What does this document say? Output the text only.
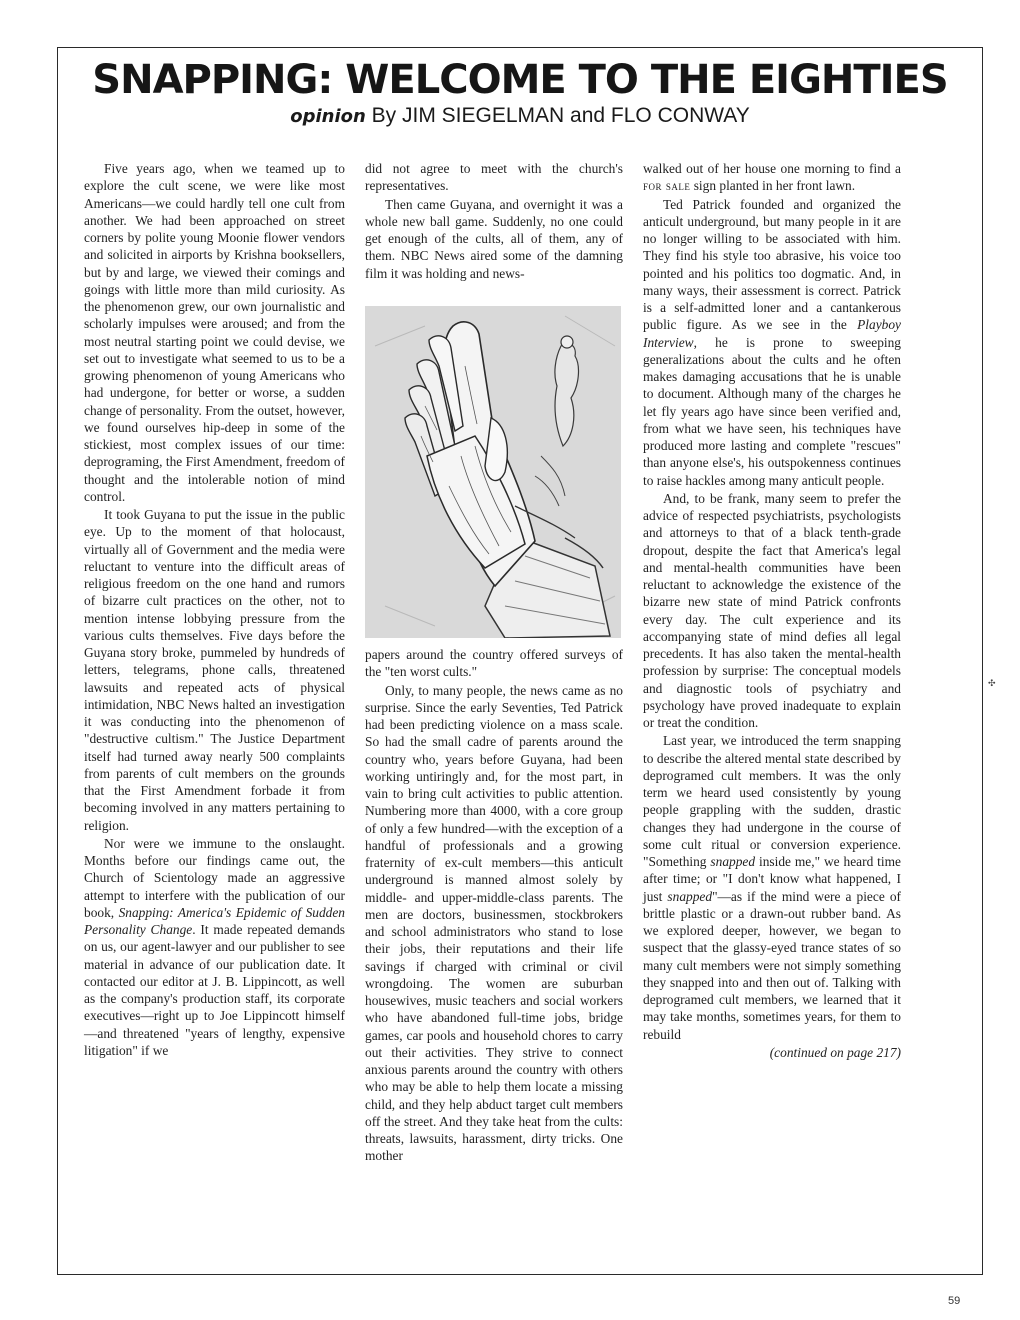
SNAPPING: WELCOME TO THE EIGHTIES
opinion By JIM SIEGELMAN and FLO CONWAY

Five years ago, when we teamed up to explore the cult scene, we were like most Americans—we could hardly tell one cult from another. We had been approached on street corners by polite young Moonie flower vendors and solicited in airports by Krishna booksellers, but by and large, we viewed their comings and goings with little more than mild curiosity. As the phenomenon grew, our own journalistic and scholarly impulses were aroused; and from the most neutral starting point we could devise, we set out to investigate what seemed to us to be a growing phenomenon of young Americans who had undergone, for better or worse, a sudden change of personality. From the outset, however, we found ourselves hip-deep in some of the stickiest, most complex issues of our time: deprograming, the First Amendment, freedom of thought and the intolerable notion of mind control.

It took Guyana to put the issue in the public eye. Up to the moment of that holocaust, virtually all of Government and the media were reluctant to venture into the difficult areas of religious freedom on the one hand and rumors of bizarre cult practices on the other, not to mention intense lobbying pressure from the various cults themselves. Five days before the Guyana story broke, pummeled by hundreds of letters, telegrams, phone calls, threatened lawsuits and repeated acts of physical intimidation, NBC News halted an investigation it was conducting into the phenomenon of "destructive cultism." The Justice Department itself had turned away nearly 500 complaints from parents of cult members on the grounds that the First Amendment forbade it from becoming involved in any matters pertaining to religion.

Nor were we immune to the onslaught. Months before our findings came out, the Church of Scientology made an aggressive attempt to interfere with the publication of our book, Snapping: America's Epidemic of Sudden Personality Change. It made repeated demands on us, our agent-lawyer and our publisher to see material in advance of our publication date. It contacted our editor at J. B. Lippincott, as well as the company's production staff, its corporate executives—right up to Joe Lippincott himself—and threatened "years of lengthy, expensive litigation" if we

did not agree to meet with the church's representatives.

Then came Guyana, and overnight it was a whole new ball game. Suddenly, no one could get enough of the cults, all of them, any of them. NBC News aired some of the damning film it was holding and news-

papers around the country offered surveys of the "ten worst cults."

Only, to many people, the news came as no surprise. Since the early Seventies, Ted Patrick had been predicting violence on a mass scale. So had the small cadre of parents around the country who, years before Guyana, had been working untiringly and, for the most part, in vain to bring cult activities to public attention. Numbering more than 4000, with a core group of only a few hundred—with the exception of a handful of professionals and a growing fraternity of ex-cult members—this anticult underground is manned almost solely by middle- and upper-middle-class parents. The men are doctors, businessmen, stockbrokers and school administrators who stand to lose their jobs, their reputations and their life savings if charged with criminal or civil wrongdoing. The women are suburban housewives, music teachers and social workers who have abandoned full-time jobs, bridge games, car pools and household chores to carry out their activities. They strive to connect anxious parents around the country with others who may be able to help them locate a missing child, and they help abduct target cult members off the street. And they take heat from the cults: threats, lawsuits, harassment, dirty tricks. One mother

walked out of her house one morning to find a for sale sign planted in her front lawn.

Ted Patrick founded and organized the anticult underground, but many people in it are no longer willing to be associated with him. They find his style too abrasive, his voice too pointed and his politics too dogmatic. And, in many ways, their assessment is correct. Patrick is a self-admitted loner and a cantankerous public figure. As we see in the Playboy Interview, he is prone to sweeping generalizations about the cults and he often makes damaging accusations that he is unable to document. Although many of the charges he let fly years ago have since been verified and, from what we have seen, his techniques have produced more lasting and complete "rescues" than anyone else's, his outspokenness continues to raise hackles among many anticult people.

And, to be frank, many seem to prefer the advice of respected psychiatrists, psychologists and attorneys to that of a black tenth-grade dropout, despite the fact that America's legal and mental-health communities have been reluctant to acknowledge the existence of the bizarre new state of mind Patrick confronts every day. The cult experience and its accompanying state of mind defies all legal precedents. It has also taken the mental-health profession by surprise: The conceptual models and diagnostic tools of psychiatry and psychology have proved inadequate to explain or treat the condition.

Last year, we introduced the term snapping to describe the altered mental state described by deprogramed cult members. It was the only term we heard used consistently by young people grappling with the sudden, drastic changes they had undergone in the course of some cult ritual or conversion experience. "Something snapped inside me," we heard time after time; or "I don't know what happened, I just snapped"—as if the mind were a piece of brittle plastic or a drawn-out rubber band. As we explored deeper, however, we began to suspect that the glassy-eyed trance states of so many cult members were not simply something they snapped into and then out of. Talking with deprogramed cult members, we learned that it may take months, sometimes years, for them to rebuild

(continued on page 217)

59
✣
